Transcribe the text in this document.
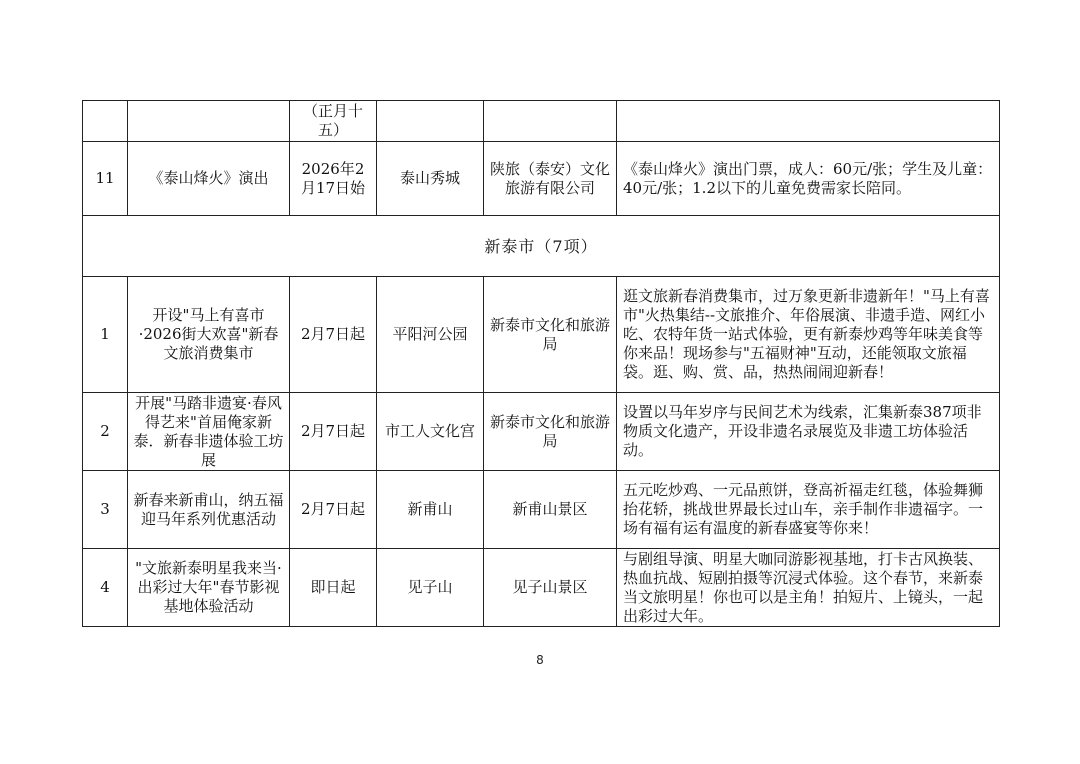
		（正月十五）			
11	《泰山烽火》演出	2026年2月17日始	泰山秀城	陕旅（泰安）文化旅游有限公司	《泰山烽火》演出门票，成人：60元/张；学生及儿童：40元/张；1.2以下的儿童免费需家长陪同。
新泰市（7项）					
1	开设"马上有喜市·2026街大欢喜"新春文旅消费集市	2月7日起	平阳河公园	新泰市文化和旅游局	逛文旅新春消费集市，过万象更新非遗新年！"马上有喜市"火热集结--文旅推介、年俗展演、非遗手造、网红小吃、农特年货一站式体验，更有新泰炒鸡等年味美食等你来品！现场参与"五福财神"互动，还能领取文旅福袋。逛、购、赏、品，热热闹闹迎新春！
2	开展"马踏非遗宴·春风得艺来"首届俺家新泰．新春非遗体验工坊展	2月7日起	市工人文化宫	新泰市文化和旅游局	设置以马年岁序与民间艺术为线索，汇集新泰387项非物质文化遗产，开设非遗名录展览及非遗工坊体验活动。
3	新春来新甫山，纳五福迎马年系列优惠活动	2月7日起	新甫山	新甫山景区	五元吃炒鸡、一元品煎饼，登高祈福走红毯，体验舞狮抬花轿，挑战世界最长过山车，亲手制作非遗福字。一场有福有运有温度的新春盛宴等你来！
4	"文旅新泰明星我来当·出彩过大年"春节影视基地体验活动	即日起	见子山	见子山景区	与剧组导演、明星大咖同游影视基地，打卡古风换装、热血抗战、短剧拍摄等沉浸式体验。这个春节，来新泰当文旅明星！你也可以是主角！拍短片、上镜头，一起出彩过大年。
8
